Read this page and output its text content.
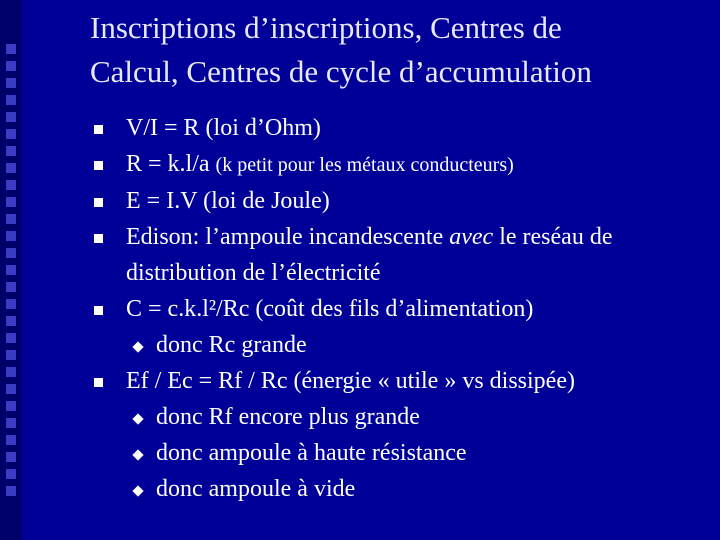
Inscriptions d’inscriptions, Centres de
Calcul, Centres de cycle d’accumulation
V/I = R (loi d’Ohm)
R = k.l/a (k petit pour les métaux conducteurs)
E = I.V (loi de Joule)
Edison: l’ampoule incandescente avec le reséau de
distribution de l’électricité
C = c.k.l²/Rc (coût des fils d’alimentation)
donc Rc grande
Ef / Ec = Rf / Rc (énergie « utile » vs dissipée)
donc Rf encore plus grande
donc ampoule à haute résistance
donc ampoule à vide
